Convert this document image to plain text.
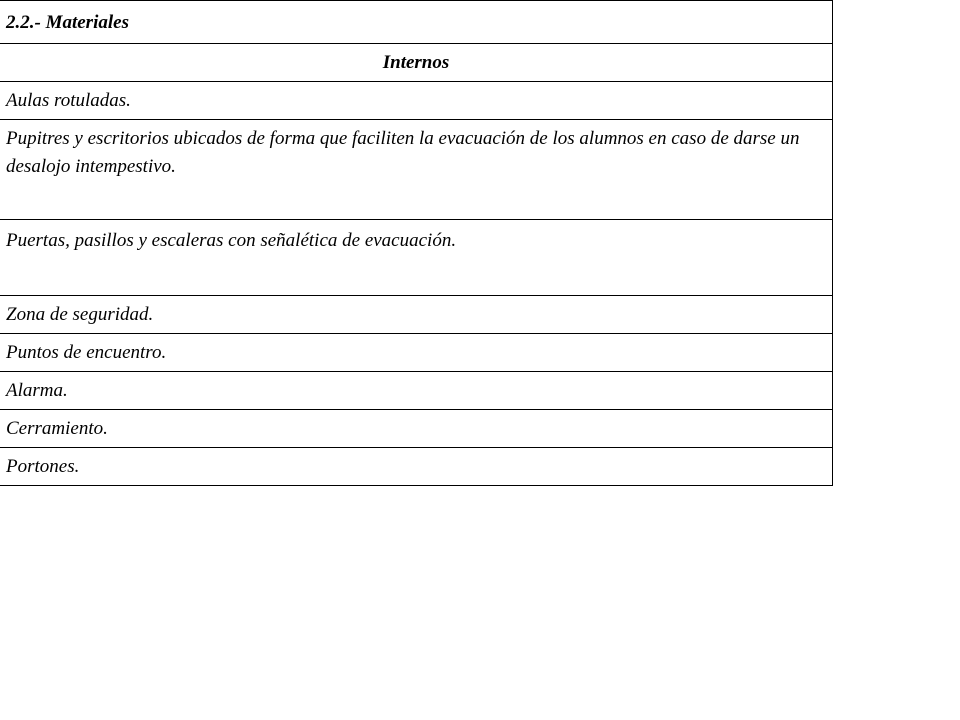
2.2.- Materiales
Internos
Aulas rotuladas.
Pupitres y escritorios ubicados de forma que faciliten la evacuación de los alumnos en caso de darse un desalojo intempestivo.
Puertas, pasillos y escaleras con señalética de evacuación.
Zona de seguridad.
Puntos de encuentro.
Alarma.
Cerramiento.
Portones.
